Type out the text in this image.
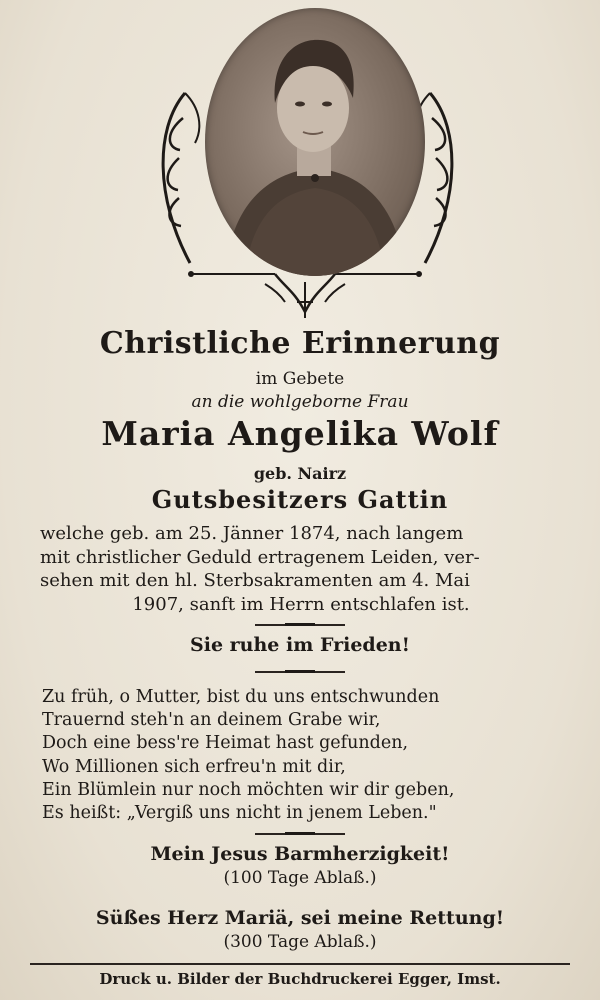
Christliche Erinnerung
im Gebete
an die wohlgeborne Frau
Maria Angelika Wolf
geb. Nairz
Gutsbesitzers Gattin
welche geb. am 25. Jänner 1874, nach langem
mit christlicher Geduld ertragenem Leiden, ver-
sehen mit den hl. Sterbsakramenten am 4. Mai
1907, sanft im Herrn entschlafen ist.
Sie ruhe im Frieden!
Zu früh, o Mutter, bist du uns entschwunden
Trauernd steh'n an deinem Grabe wir,
Doch eine bess're Heimat hast gefunden,
Wo Millionen sich erfreu'n mit dir,
Ein Blümlein nur noch möchten wir dir geben,
Es heißt: „Vergiß uns nicht in jenem Leben."
Mein Jesus Barmherzigkeit!
(100 Tage Ablaß.)
Süßes Herz Mariä, sei meine Rettung!
(300 Tage Ablaß.)
Druck u. Bilder der Buchdruckerei Egger, Imst.
